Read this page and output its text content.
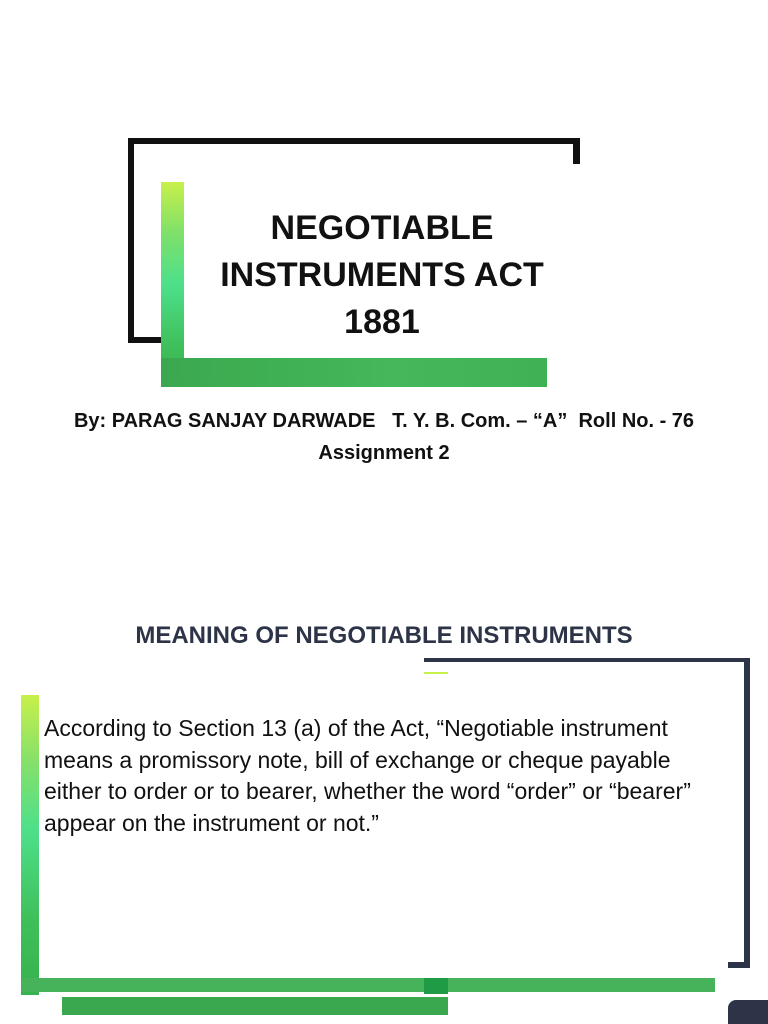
NEGOTIABLE
INSTRUMENTS ACT
1881
By: PARAG SANJAY DARWADE   T. Y. B. Com. – “A”  Roll No. - 76
Assignment 2
MEANING OF NEGOTIABLE INSTRUMENTS
According to Section 13 (a) of the Act, “Negotiable instrument means a promissory note, bill of exchange or cheque payable either to order or to bearer, whether the word “order” or “bearer” appear on the instrument or not.”
